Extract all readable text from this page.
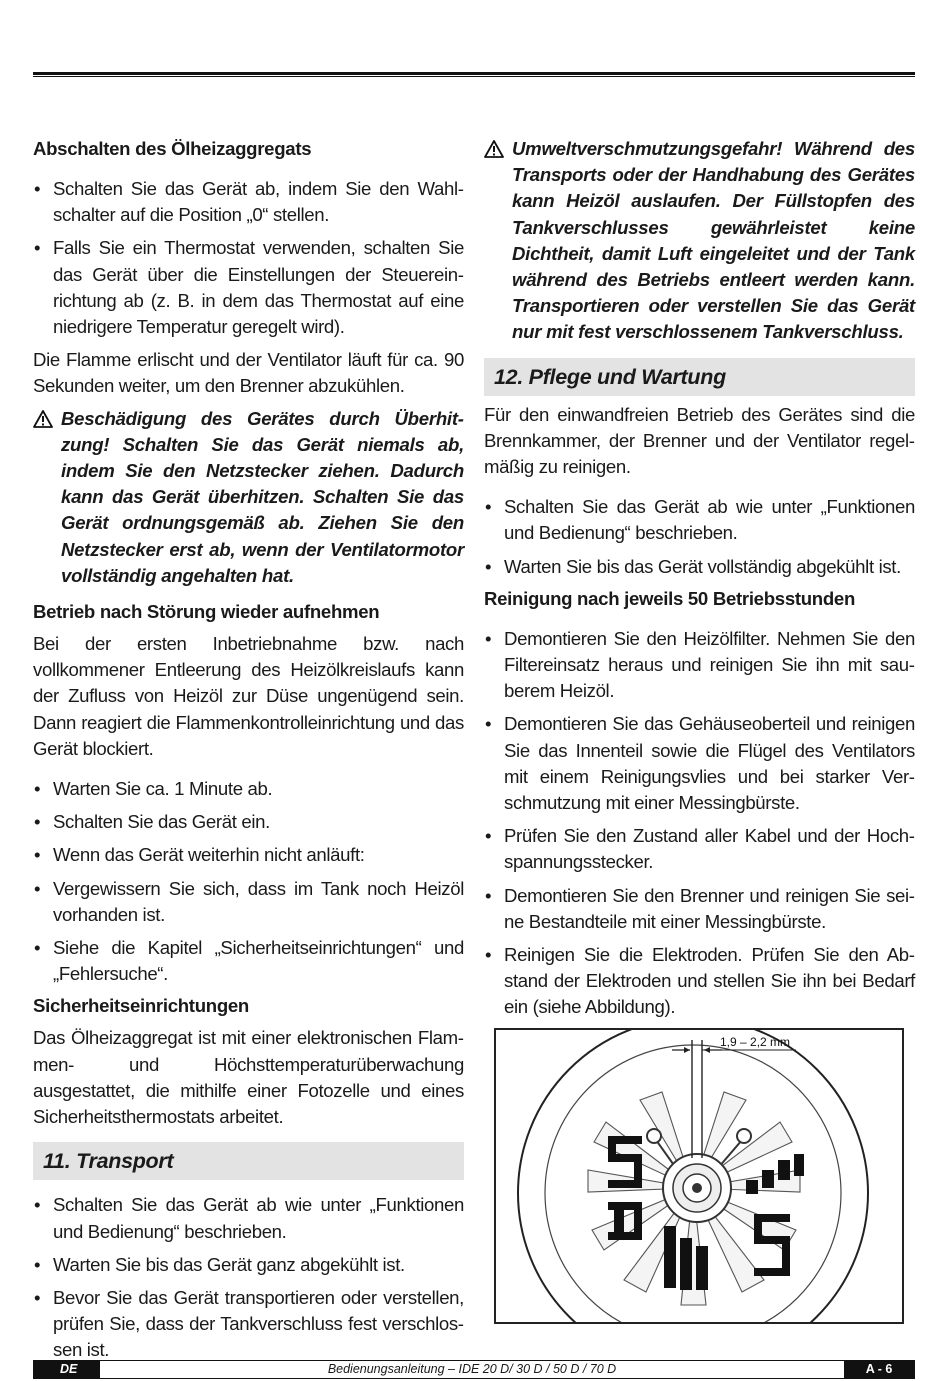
Abschalten des Ölheizaggregats
• Schalten Sie das Gerät ab, indem Sie den Wahlschalter auf die Position „0“ stellen.
• Falls Sie ein Thermostat verwenden, schalten Sie das Gerät über die Einstellungen der Steuereinrichtung ab (z. B. in dem das Thermostat auf eine niedrigere Temperatur geregelt wird).

Die Flamme erlischt und der Ventilator läuft für ca. 90 Sekunden weiter, um den Brenner abzukühlen.

Beschädigung des Gerätes durch Überhitzung! Schalten Sie das Gerät niemals ab, indem Sie den Netzstecker ziehen. Dadurch kann das Gerät überhitzen. Schalten Sie das Gerät ordnungsgemäß ab. Ziehen Sie den Netzstecker erst ab, wenn der Ventilatormotor vollständig angehalten hat.
Betrieb nach Störung wieder aufnehmen

Bei der ersten Inbetriebnahme bzw. nach vollkommener Entleerung des Heizölkreislaufs kann der Zufluss von Heizöl zur Düse ungenügend sein. Dann reagiert die Flammenkontrolleinrichtung und das Gerät blockiert.

• Warten Sie ca. 1 Minute ab.
• Schalten Sie das Gerät ein.
• Wenn das Gerät weiterhin nicht anläuft:
• Vergewissern Sie sich, dass im Tank noch Heizöl vorhanden ist.
• Siehe die Kapitel „Sicherheitseinrichtungen“ und „Fehlersuche“.
Sicherheitseinrichtungen

Das Ölheizaggregat ist mit einer elektronischen Flammen- und Höchsttemperaturüberwachung ausgestattet, die mithilfe einer Fotozelle und eines Sicherheitsthermostats arbeitet.

11. Transport
• Schalten Sie das Gerät ab wie unter „Funktionen und Bedienung“ beschrieben.
• Warten Sie bis das Gerät ganz abgekühlt ist.
• Bevor Sie das Gerät transportieren oder verstellen, prüfen Sie, dass der Tankverschluss fest verschlossen ist.
Umweltverschmutzungsgefahr! Während des Transports oder der Handhabung des Gerätes kann Heizöl auslaufen. Der Füllstopfen des Tankverschlusses gewährleistet keine Dichtheit, damit Luft eingeleitet und der Tank während des Betriebs entleert werden kann. Transportieren oder verstellen Sie das Gerät nur mit fest verschlossenem Tankverschluss.
12. Pflege und Wartung

Für den einwandfreien Betrieb des Gerätes sind die Brennkammer, der Brenner und der Ventilator regelmäßig zu reinigen.

• Schalten Sie das Gerät ab wie unter „Funktionen und Bedienung“ beschrieben.
• Warten Sie bis das Gerät vollständig abgekühlt ist.
Reinigung nach jeweils 50 Betriebsstunden
• Demontieren Sie den Heizölfilter. Nehmen Sie den Filtereinsatz heraus und reinigen Sie ihn mit sauberem Heizöl.
• Demontieren Sie das Gehäuseoberteil und reinigen Sie das Innenteil sowie die Flügel des Ventilators mit einem Reinigungsvlies und bei starker Verschmutzung mit einer Messingbürste.
• Prüfen Sie den Zustand aller Kabel und der Hochspannungsstecker.
• Demontieren Sie den Brenner und reinigen Sie seine Bestandteile mit einer Messingbürste.
• Reinigen Sie die Elektroden. Prüfen Sie den Abstand der Elektroden und stellen Sie ihn bei Bedarf ein (siehe Abbildung).
1,9 – 2,2 mm
DE	Bedienungsanleitung – IDE 20 D/ 30 D / 50 D / 70 D	A - 6
